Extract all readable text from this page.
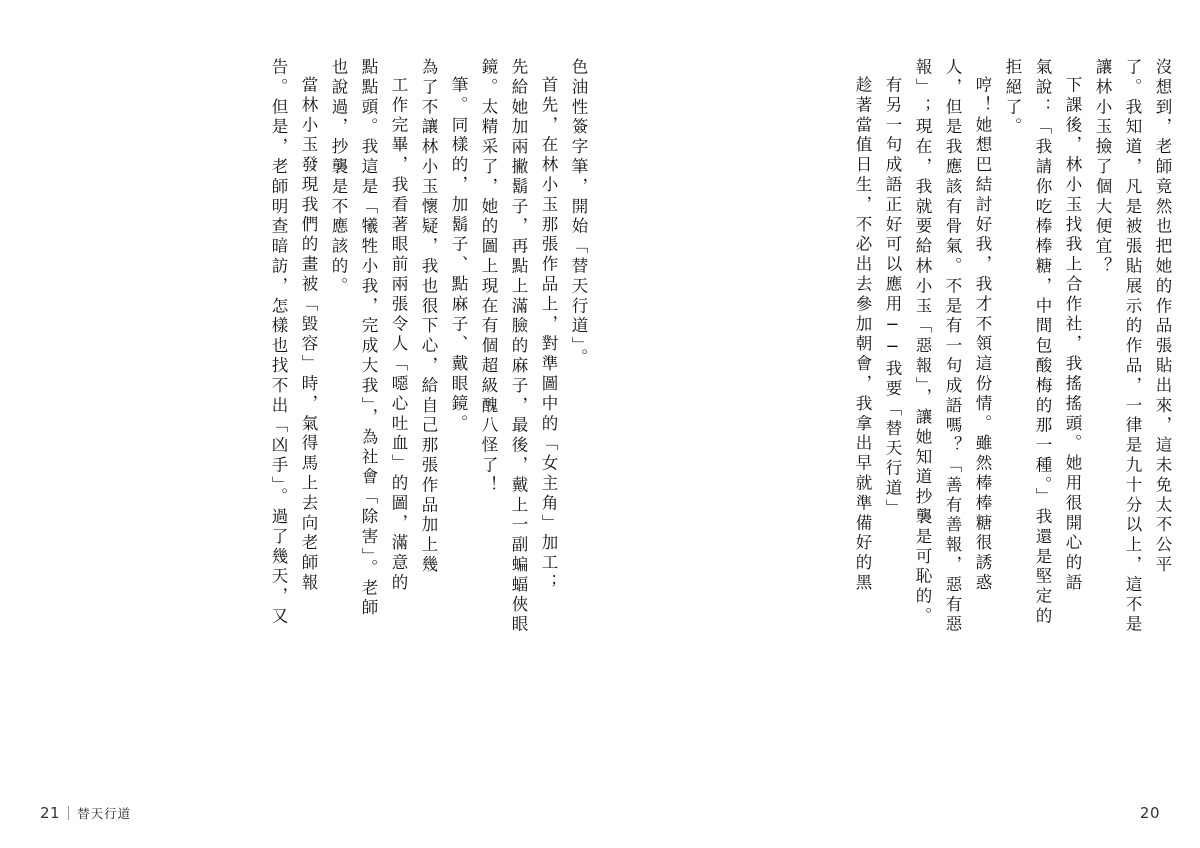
沒想到，老師竟然也把她的作品張貼出來，這未免太不公平
了。我知道，凡是被張貼展示的作品，一律是九十分以上，這不是
讓林小玉撿了個大便宜？
下課後，林小玉找我上合作社，我搖搖頭。她用很開心的語
氣說：「我請你吃棒棒糖，中間包酸梅的那一種。」我還是堅定的
拒絕了。
哼！她想巴結討好我，我才不領這份情。雖然棒棒糖很誘惑
人，但是我應該有骨氣。不是有一句成語嗎？「善有善報，惡有惡
報」；現在，我就要給林小玉「惡報」，讓她知道抄襲是可恥的。
有另一句成語正好可以應用──我要「替天行道」
趁著當值日生，不必出去參加朝會，我拿出早就準備好的黑
20
色油性簽字筆，開始「替天行道」。
首先，在林小玉那張作品上，對準圖中的「女主角」加工；
先給她加兩撇鬍子，再點上滿臉的麻子，最後，戴上一副蝙蝠俠眼
鏡。太精采了，她的圖上現在有個超級醜八怪了！
筆。同樣的，加鬍子、點麻子、戴眼鏡。
為了不讓林小玉懷疑，我也很下心，給自己那張作品加上幾
工作完畢，我看著眼前兩張令人「噁心吐血」的圖，滿意的
點點頭。我這是「犧牲小我，完成大我」，為社會「除害」。老師
也說過，抄襲是不應該的。
當林小玉發現我們的畫被「毀容」時，氣得馬上去向老師報
告。但是，老師明查暗訪，怎樣也找不出「凶手」。過了幾天，又
21 替天行道
